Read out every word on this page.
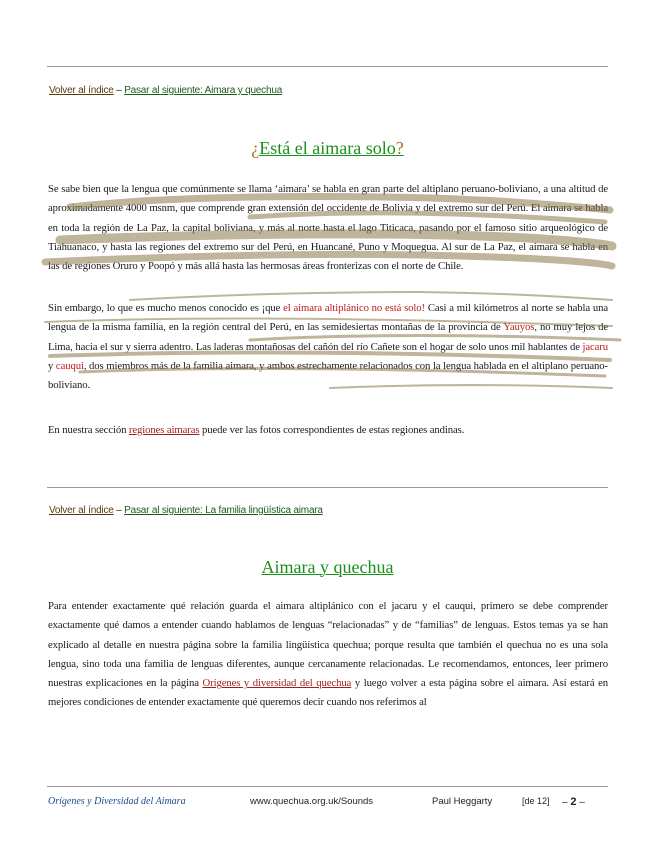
Volver al índice – Pasar al siguiente: Aimara y quechua
¿Está el aimara solo?
Se sabe bien que la lengua que comúnmente se llama ‘aimara’ se habla en gran parte del altiplano peruano-boliviano, a una altitud de aproximadamente 4000 msnm, que comprende gran extensión del occidente de Bolivia y del extremo sur del Perú. El aimara se habla en toda la región de La Paz, la capital boliviana, y más al norte hasta el lago Titicaca, pasando por el famoso sitio arqueológico de Tiahuanaco, y hasta las regiones del extremo sur del Perú, en Huancané, Puno y Moquegua. Al sur de La Paz, el aimara se habla en las de regiones Oruro y Poopó y más allá hasta las hermosas áreas fronterizas con el norte de Chile.
Sin embargo, lo que es mucho menos conocido es ¡que el aimara altiplánico no está solo! Casi a mil kilómetros al norte se habla una lengua de la misma familia, en la región central del Perú, en las semidesiertas montañas de la provincia de Yauyos, no muy lejos de Lima, hacia el sur y sierra adentro. Las laderas montañosas del cañón del río Cañete son el hogar de solo unos mil hablantes de jacaru y cauqui, dos miembros más de la familia aimara, y ambos estrechamente relacionados con la lengua hablada en el altiplano peruano-boliviano.
En nuestra sección regiones aimaras puede ver las fotos correspondientes de estas regiones andinas.
Volver al índice – Pasar al siguiente: La familia lingüística aimara
Aimara y quechua
Para entender exactamente qué relación guarda el aimara altiplánico con el jacaru y el cauqui, primero se debe comprender exactamente qué damos a entender cuando hablamos de lenguas “relacionadas” y de “familias” de lenguas. Estos temas ya se han explicado al detalle en nuestra página sobre la familia lingüística quechua; porque resulta que también el quechua no es una sola lengua, sino toda una familia de lenguas diferentes, aunque cercanamente relacionadas. Le recomendamos, entonces, leer primero nuestras explicaciones en la página Orígenes y diversidad del quechua y luego volver a esta página sobre el aimara. Así estará en mejores condiciones de entender exactamente qué queremos decir cuando nos referimos al
Orígenes y Diversidad del Aimara	www.quechua.org.uk/Sounds	Paul Heggarty	[de 12] – 2 –
